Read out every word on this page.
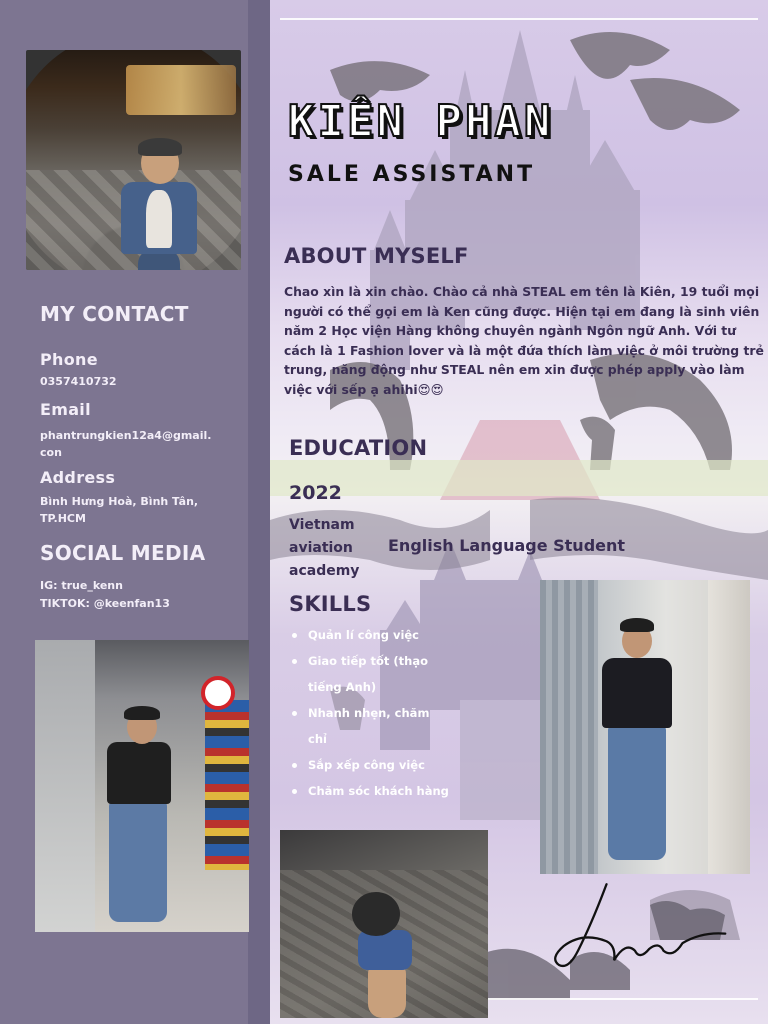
MY CONTACT
Phone
0357410732
Email
phantrungkien12a4@gmail.
con
Address
Bình Hưng Hoà, Bình Tân,
TP.HCM
SOCIAL MEDIA
IG: true_kenn
TIKTOK: @keenfan13
KIÊN PHAN
SALE ASSISTANT
ABOUT MYSELF
Chao xìn là xin chào. Chào cả nhà STEAL em tên là Kiên, 19 tuổi mọi người có thể gọi em là Ken cũng được. Hiện tại em đang là sinh viên năm 2 Học viện Hàng không chuyên ngành Ngôn ngữ Anh. Với tư cách là 1 Fashion lover và là một đứa thích làm việc ở môi trường trẻ trung, năng động như STEAL nên em xin được phép apply vào làm việc với sếp ạ ahihi😍😍
EDUCATION
2022
Vietnam aviation academy
English Language Student
SKILLS
Quản lí công việc
Giao tiếp tốt (thạo tiếng Anh)
Nhanh nhẹn, chăm chỉ
Sắp xếp công việc
Chăm sóc khách hàng
